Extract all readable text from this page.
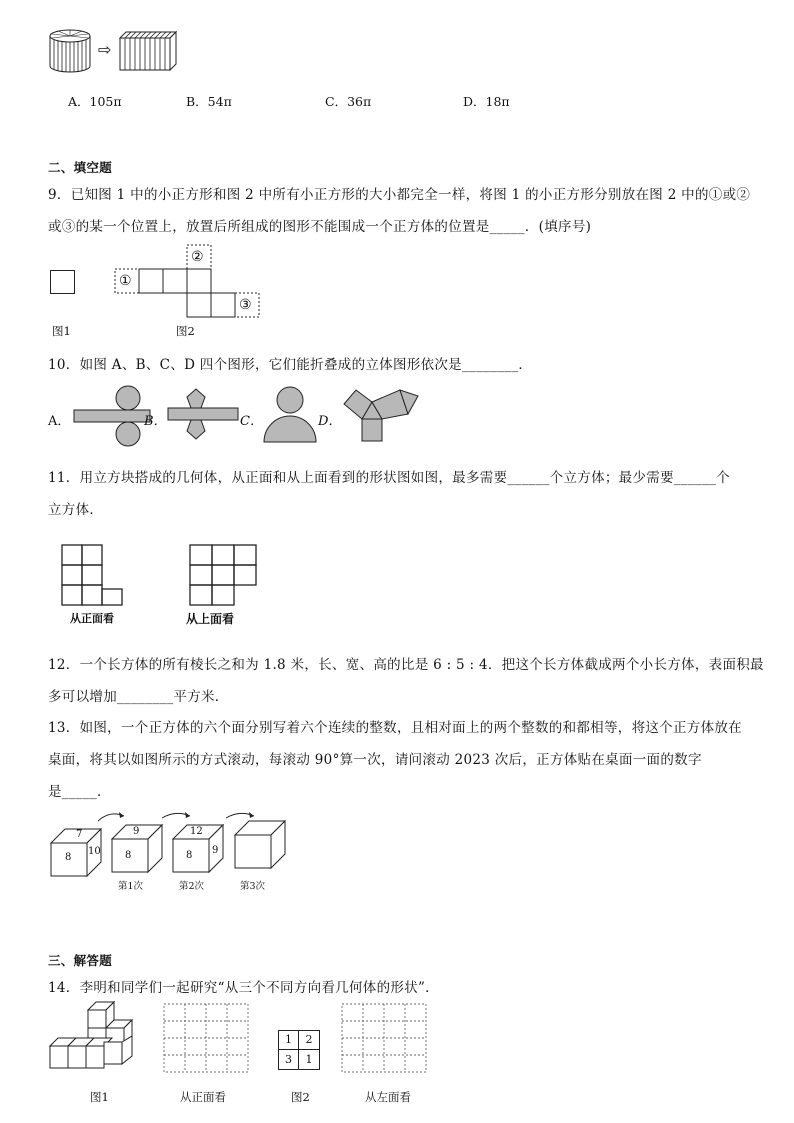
⇨
A．105π	B．54π	C．36π	D．18π
二、填空题
9．已知图 1 中的小正方形和图 2 中所有小正方形的大小都完全一样，将图 1 的小正方形分别放在图 2 中的①或②
或③的某一个位置上，放置后所组成的图形不能围成一个正方体的位置是_____．(填序号)
图1
①
②
③
图2
10．如图 A、B、C、D 四个图形，它们能折叠成的立体图形依次是________．
A．	B．	C．	D．
11．用立方块搭成的几何体，从正面和从上面看到的形状图如图，最多需要______个立方体；最少需要______个
立方体．
从正面看	从上面看
12．一个长方体的所有棱长之和为 1.8 米，长、宽、高的比是 6 : 5 : 4．把这个长方体截成两个小长方体，表面积最
多可以增加________平方米．
13．如图，一个正方体的六个面分别写着六个连续的整数，且相对面上的两个整数的和都相等，将这个正方体放在
桌面，将其以如图所示的方式滚动，每滚动 90°算一次，请问滚动 2023 次后，正方体贴在桌面一面的数字
是_____．
7
8
10
9
8
第1次
12
8 9
第2次	第3次
三、解答题
14．李明和同学们一起研究“从三个不同方向看几何体的形状”．
图1	从正面看
1	2
3	1
图2	从左面看
